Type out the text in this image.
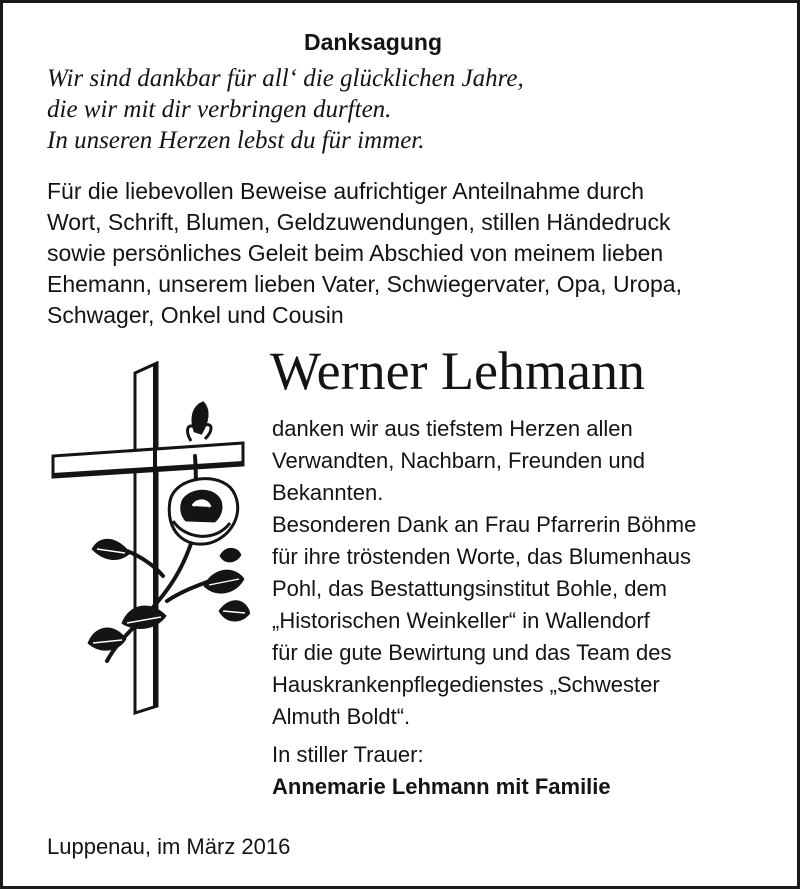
Danksagung
Wir sind dankbar für all‘ die glücklichen Jahre,
die wir mit dir verbringen durften.
In unseren Herzen lebst du für immer.
Für die liebevollen Beweise aufrichtiger Anteilnahme durch
Wort, Schrift, Blumen, Geldzuwendungen, stillen Händedruck
sowie persönliches Geleit beim Abschied von meinem lieben
Ehemann, unserem lieben Vater, Schwiegervater, Opa, Uropa,
Schwager, Onkel und Cousin
Werner Lehmann
danken wir aus tiefstem Herzen allen
Verwandten, Nachbarn, Freunden und
Bekannten.
Besonderen Dank an Frau Pfarrerin Böhme
für ihre tröstenden Worte, das Blumenhaus
Pohl, das Bestattungsinstitut Bohle, dem
„Historischen Weinkeller“ in Wallendorf
für die gute Bewirtung und das Team des
Hauskrankenpflegedienstes „Schwester
Almuth Boldt“.
In stiller Trauer:
Annemarie Lehmann mit Familie
Luppenau, im März 2016
